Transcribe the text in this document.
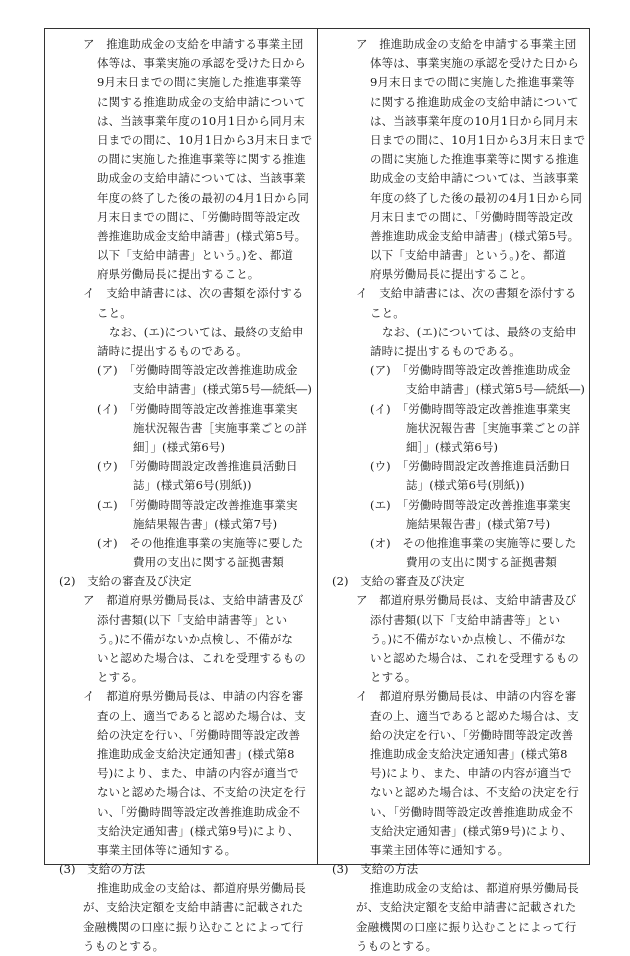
ア　推進助成金の支給を申請する事業主団
体等は、事業実施の承認を受けた日から
9月末日までの間に実施した推進事業等
に関する推進助成金の支給申請について
は、当該事業年度の10月1日から同月末
日までの間に、10月1日から3月末日まで
の間に実施した推進事業等に関する推進
助成金の支給申請については、当該事業
年度の終了した後の最初の4月1日から同
月末日までの間に、「労働時間等設定改
善推進助成金支給申請書」(様式第5号。
以下「支給申請書」という。)を、都道
府県労働局長に提出すること。
イ　支給申請書には、次の書類を添付する
こと。
なお、(エ)については、最終の支給申
請時に提出するものである。
(ア)　「労働時間等設定改善推進助成金
支給申請書」(様式第5号―続紙―)
(イ)　「労働時間等設定改善推進事業実
施状況報告書［実施事業ごとの詳
細］」(様式第6号)
(ウ)　「労働時間設定改善推進員活動日
誌」(様式第6号(別紙))
(エ)　「労働時間等設定改善推進事業実
施結果報告書」(様式第7号)
(オ)　その他推進事業の実施等に要した
費用の支出に関する証拠書類
(2)　支給の審査及び決定
ア　都道府県労働局長は、支給申請書及び
添付書類(以下「支給申請書等」とい
う。)に不備がないか点検し、不備がな
いと認めた場合は、これを受理するもの
とする。
イ　都道府県労働局長は、申請の内容を審
査の上、適当であると認めた場合は、支
給の決定を行い、「労働時間等設定改善
推進助成金支給決定通知書」(様式第8
号)により、また、申請の内容が適当で
ないと認めた場合は、不支給の決定を行
い、「労働時間等設定改善推進助成金不
支給決定通知書」(様式第9号)により、
事業主団体等に通知する。
(3)　支給の方法
推進助成金の支給は、都道府県労働局長
が、支給決定額を支給申請書に記載された
金融機関の口座に振り込むことによって行
うものとする。
ア　推進助成金の支給を申請する事業主団
体等は、事業実施の承認を受けた日から
9月末日までの間に実施した推進事業等
に関する推進助成金の支給申請について
は、当該事業年度の10月1日から同月末
日までの間に、10月1日から3月末日まで
の間に実施した推進事業等に関する推進
助成金の支給申請については、当該事業
年度の終了した後の最初の4月1日から同
月末日までの間に、「労働時間等設定改
善推進助成金支給申請書」(様式第5号。
以下「支給申請書」という。)を、都道
府県労働局長に提出すること。
イ　支給申請書には、次の書類を添付する
こと。
なお、(エ)については、最終の支給申
請時に提出するものである。
(ア)　「労働時間等設定改善推進助成金
支給申請書」(様式第5号―続紙―)
(イ)　「労働時間等設定改善推進事業実
施状況報告書［実施事業ごとの詳
細］」(様式第6号)
(ウ)　「労働時間設定改善推進員活動日
誌」(様式第6号(別紙))
(エ)　「労働時間等設定改善推進事業実
施結果報告書」(様式第7号)
(オ)　その他推進事業の実施等に要した
費用の支出に関する証拠書類
(2)　支給の審査及び決定
ア　都道府県労働局長は、支給申請書及び
添付書類(以下「支給申請書等」とい
う。)に不備がないか点検し、不備がな
いと認めた場合は、これを受理するもの
とする。
イ　都道府県労働局長は、申請の内容を審
査の上、適当であると認めた場合は、支
給の決定を行い、「労働時間等設定改善
推進助成金支給決定通知書」(様式第8
号)により、また、申請の内容が適当で
ないと認めた場合は、不支給の決定を行
い、「労働時間等設定改善推進助成金不
支給決定通知書」(様式第9号)により、
事業主団体等に通知する。
(3)　支給の方法
推進助成金の支給は、都道府県労働局長
が、支給決定額を支給申請書に記載された
金融機関の口座に振り込むことによって行
うものとする。
